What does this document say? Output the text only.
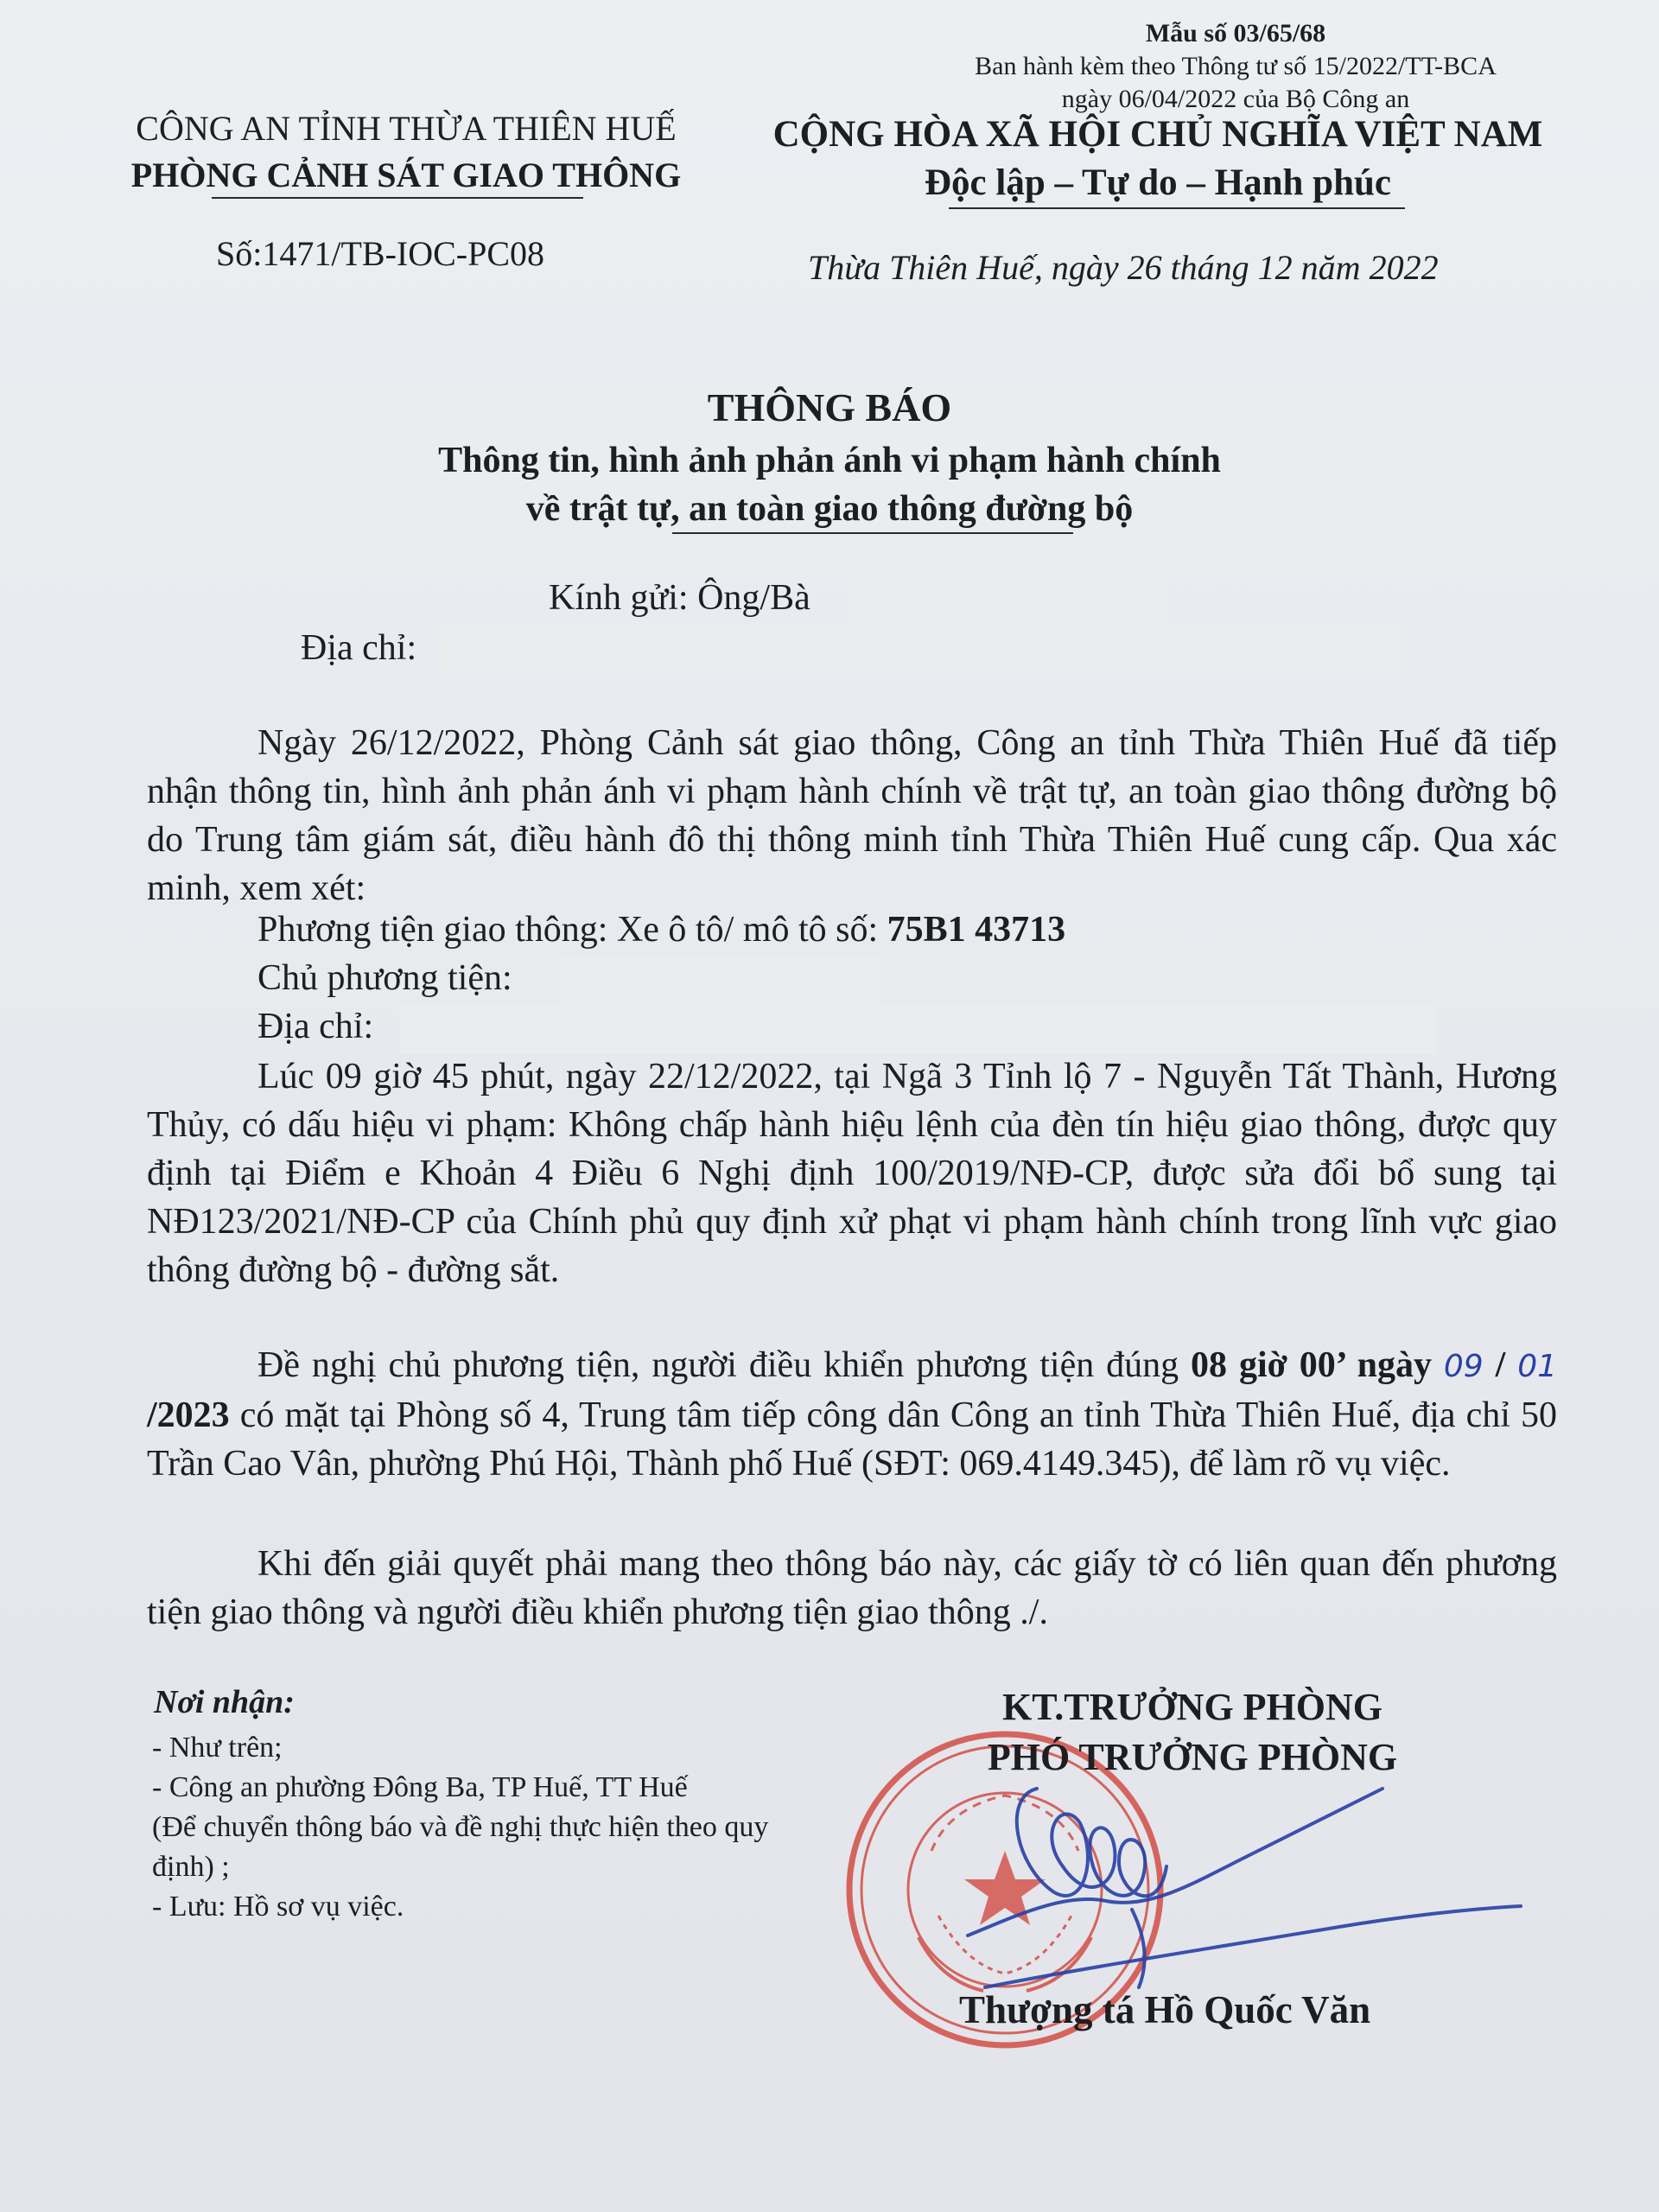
Mẫu số 03/65/68
Ban hành kèm theo Thông tư số 15/2022/TT-BCA
ngày 06/04/2022 của Bộ Công an
CÔNG AN TỈNH THỪA THIÊN HUẾ
PHÒNG CẢNH SÁT GIAO THÔNG
CỘNG HÒA XÃ HỘI CHỦ NGHĨA VIỆT NAM
Độc lập – Tự do – Hạnh phúc
Số:1471/TB-IOC-PC08	Thừa Thiên Huế, ngày 26 tháng 12 năm 2022
THÔNG BÁO
Thông tin, hình ảnh phản ánh vi phạm hành chính
về trật tự, an toàn giao thông đường bộ
Kính gửi: Ông/Bà
Địa chỉ:
Ngày 26/12/2022, Phòng Cảnh sát giao thông, Công an tỉnh Thừa Thiên Huế đã tiếp nhận thông tin, hình ảnh phản ánh vi phạm hành chính về trật tự, an toàn giao thông đường bộ do Trung tâm giám sát, điều hành đô thị thông minh tỉnh Thừa Thiên Huế cung cấp. Qua xác minh, xem xét:
Phương tiện giao thông: Xe ô tô/ mô tô số: 75B1 43713
Chủ phương tiện:
Địa chỉ:
Lúc 09 giờ 45 phút, ngày 22/12/2022, tại Ngã 3 Tỉnh lộ 7 - Nguyễn Tất Thành, Hương Thủy, có dấu hiệu vi phạm: Không chấp hành hiệu lệnh của đèn tín hiệu giao thông, được quy định tại Điểm e Khoản 4 Điều 6 Nghị định 100/2019/NĐ-CP, được sửa đổi bổ sung tại NĐ123/2021/NĐ-CP của Chính phủ quy định xử phạt vi phạm hành chính trong lĩnh vực giao thông đường bộ - đường sắt.
Đề nghị chủ phương tiện, người điều khiển phương tiện đúng 08 giờ 00’ ngày 09 / 01 /2023 có mặt tại Phòng số 4, Trung tâm tiếp công dân Công an tỉnh Thừa Thiên Huế, địa chỉ 50 Trần Cao Vân, phường Phú Hội, Thành phố Huế (SĐT: 069.4149.345), để làm rõ vụ việc.
Khi đến giải quyết phải mang theo thông báo này, các giấy tờ có liên quan đến phương tiện giao thông và người điều khiển phương tiện giao thông ./.
Nơi nhận:
- Như trên;
- Công an phường Đông Ba, TP Huế, TT Huế
(Để chuyển thông báo và đề nghị thực hiện theo quy định) ;
- Lưu: Hồ sơ vụ việc.
KT.TRƯỞNG PHÒNG
PHÓ TRƯỞNG PHÒNG
Thượng tá Hồ Quốc Văn
